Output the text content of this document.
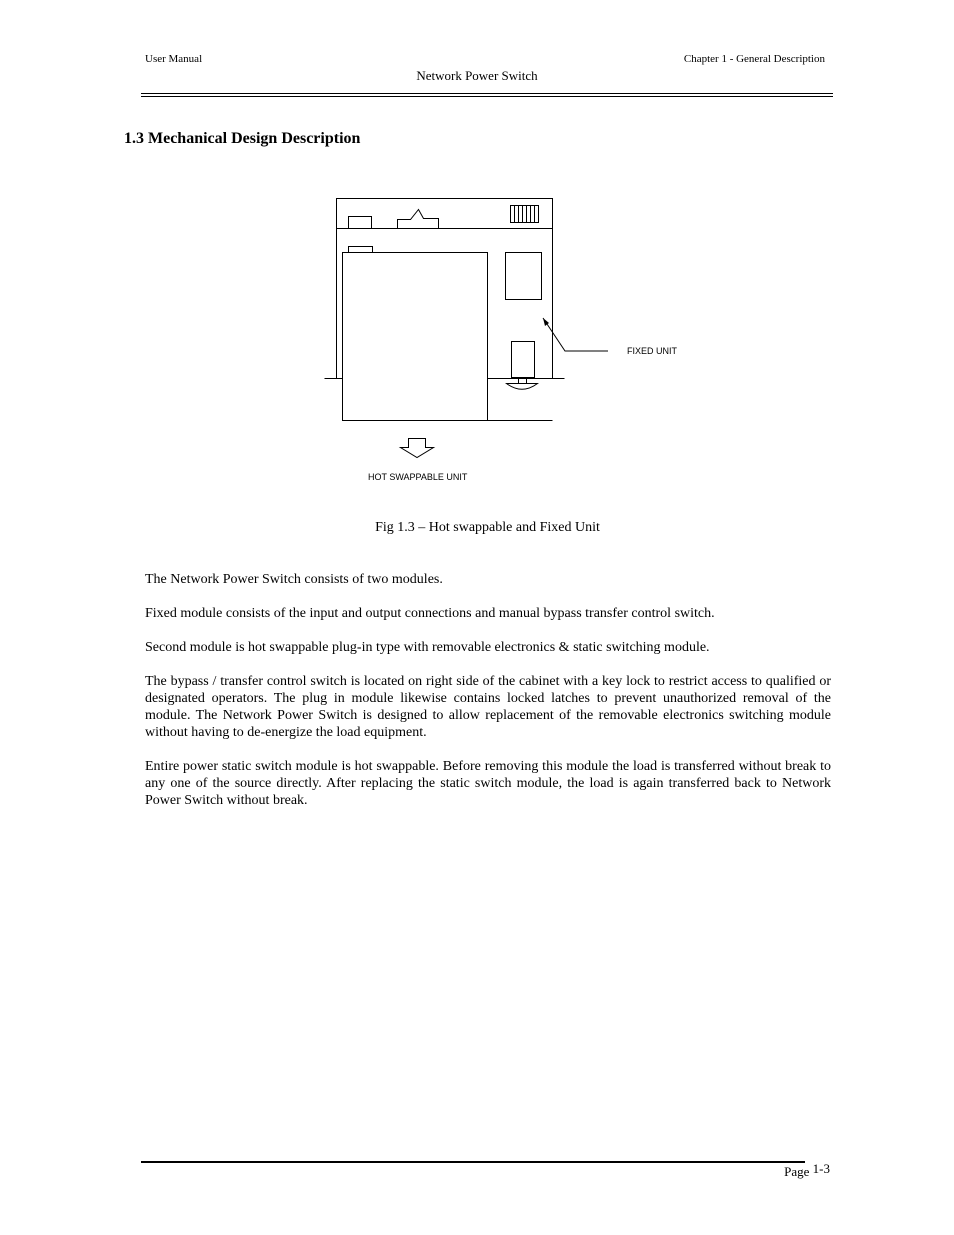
User Manual	Chapter 1 - General Description
Network Power Switch
1.3 Mechanical Design Description
FIXED UNIT
HOT SWAPPABLE UNIT
Fig 1.3 – Hot swappable and Fixed Unit

The Network Power Switch consists of two modules.

Fixed module consists of the input and output connections and manual bypass transfer control switch.

Second module is hot swappable plug-in type with removable electronics & static switching module.

The bypass / transfer control switch is located on right side of the cabinet with a key lock to restrict access to qualified or designated operators. The plug in module likewise contains locked latches to prevent unauthorized removal of the module. The Network Power Switch is designed to allow replacement of the removable electronics switching module without having to de-energize the load equipment.

Entire power static switch module is hot swappable. Before removing this module the load is transferred without break to any one of the source directly. After replacing the static switch module, the load is again transferred back to Network Power Switch without break.

Page 1-3
